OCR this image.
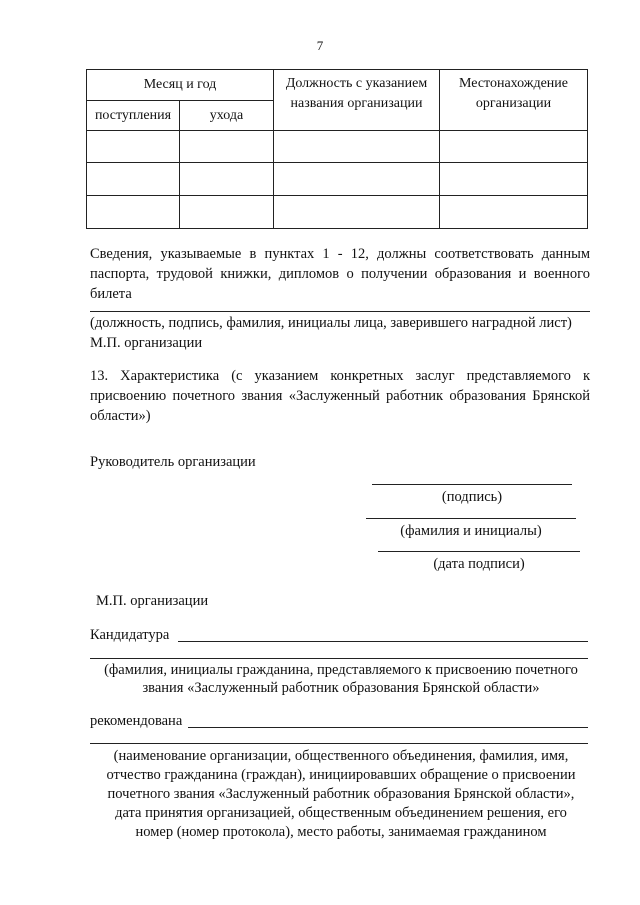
7
Месяц и год		Должность с указанием названия организации	Местонахождение организации
поступления	ухода		

Сведения, указываемые в пунктах 1 - 12, должны соответствовать данным паспорта, трудовой книжки, дипломов о получении образования и военного билета
(должность, подпись, фамилия, инициалы лица, заверившего наградной лист)
М.П. организации
13. Характеристика (с указанием конкретных заслуг представляемого к присвоению почетного звания «Заслуженный работник образования Брянской области»)
Руководитель организации
(подпись)
(фамилия и инициалы)
(дата подписи)
М.П. организации
Кандидатура
(фамилия, инициалы гражданина, представляемого к присвоению почетного
звания «Заслуженный работник образования Брянской области»
рекомендована
(наименование организации, общественного объединения, фамилия, имя,
отчество гражданина (граждан), инициировавших обращение о присвоении
почетного звания «Заслуженный работник образования Брянской области»,
дата принятия организацией, общественным объединением решения, его
номер (номер протокола), место работы, занимаемая гражданином
